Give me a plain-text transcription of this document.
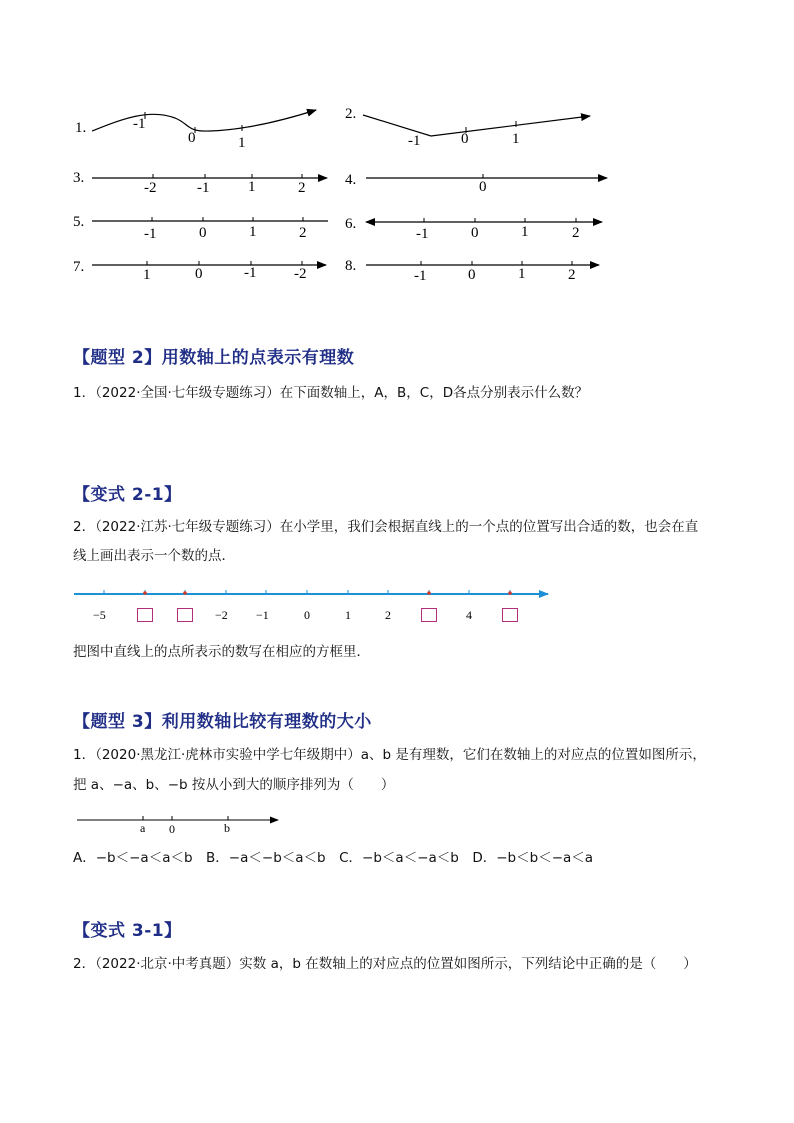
1.
2.
3.	4.
5.	6.
7.	8.
-1
0	1	-1	0	1
-2	-1	1	2	0
-1	0	1	2	-1	0	1	2
1	0	-1	-2	-1	0	1	2
【题型 2】用数轴上的点表示有理数
1．（2022·全国·七年级专题练习）在下面数轴上，A，B，C，D各点分别表示什么数？
【变式 2-1】
2．（2022·江苏·七年级专题练习）在小学里，我们会根据直线上的一个点的位置写出合适的数，也会在直
线上画出表示一个数的点．
−5	−2 −1	0	1	2	4
把图中直线上的点所表示的数写在相应的方框里．
【题型 3】利用数轴比较有理数的大小
1．（2020·黑龙江·虎林市实验中学七年级期中）a、b 是有理数，它们在数轴上的对应点的位置如图所示，
把 a、−a、b、−b 按从小到大的顺序排列为（　　）
a 0	b
A．−b＜−a＜a＜b　B．−a＜−b＜a＜b　C．−b＜a＜−a＜b　D．−b＜b＜−a＜a
【变式 3-1】
2．（2022·北京·中考真题）实数 a，b 在数轴上的对应点的位置如图所示，下列结论中正确的是（　　）
